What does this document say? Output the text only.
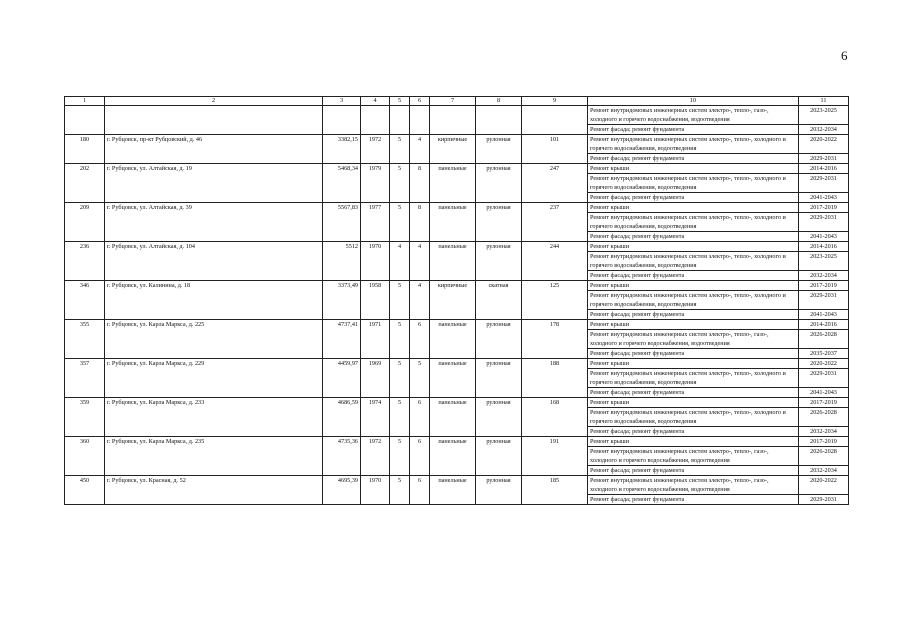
6
1	2	3	4	5	6	7	8	9	10	11
									Ремонт внутридомовых инженерных систем электро-, тепло-, газо-, холодного и горячего водоснабжения, водоотведения	2023-2025
									Ремонт фасада; ремонт фундамента	2032-2034
180	г. Рубцовск, пр-кт Рубцовский, д. 46	3382,15	1972	5	4	кирпичные	рулонная	101	Ремонт внутридомовых инженерных систем электро-, тепло-, холодного и горячего водоснабжения, водоотведения	2020-2022
									Ремонт фасада; ремонт фундамента	2029-2031
202	г. Рубцовск, ул. Алтайская, д. 19	5468,34	1979	5	8	панельные	рулонная	247	Ремонт крыши	2014-2016
									Ремонт внутридомовых инженерных систем электро-, тепло-, холодного и горячего водоснабжения, водоотведения	2029-2031
									Ремонт фасада; ремонт фундамента	2041-2043
209	г. Рубцовск, ул. Алтайская, д. 39	5567,83	1977	5	8	панельные	рулонная	237	Ремонт крыши	2017-2019
									Ремонт внутридомовых инженерных систем электро-, тепло-, холодного и горячего водоснабжения, водоотведения	2029-2031
									Ремонт фасада; ремонт фундамента	2041-2043
236	г. Рубцовск, ул. Алтайская, д. 104	5512	1970	4	4	панельные	рулонная	244	Ремонт крыши	2014-2016
									Ремонт внутридомовых инженерных систем электро-, тепло-, холодного и горячего водоснабжения, водоотведения	2023-2025
									Ремонт фасада; ремонт фундамента	2032-2034
346	г. Рубцовск, ул. Калинина, д. 18	3373,49	1958	5	4	кирпичные	скатная	125	Ремонт крыши	2017-2019
									Ремонт внутридомовых инженерных систем электро-, тепло-, холодного и горячего водоснабжения, водоотведения	2029-2031
									Ремонт фасада; ремонт фундамента	2041-2043
355	г. Рубцовск, ул. Карла Маркса, д. 225	4737,41	1971	5	6	панельные	рулонная	178	Ремонт крыши	2014-2016
									Ремонт внутридомовых инженерных систем электро-, тепло-, газо-, холодного и горячего водоснабжения, водоотведения	2026-2028
									Ремонт фасада; ремонт фундамента	2035-2037
357	г. Рубцовск, ул. Карла Маркса, д. 229	4459,97	1969	5	5	панельные	рулонная	188	Ремонт крыши	2020-2022
									Ремонт внутридомовых инженерных систем электро-, тепло-, холодного и горячего водоснабжения, водоотведения	2029-2031
									Ремонт фасада; ремонт фундамента	2041-2043
359	г. Рубцовск, ул. Карла Маркса, д. 233	4686,59	1974	5	6	панельные	рулонная	168	Ремонт крыши	2017-2019
									Ремонт внутридомовых инженерных систем электро-, тепло-, холодного и горячего водоснабжения, водоотведения	2026-2028
									Ремонт фасада; ремонт фундамента	2032-2034
360	г. Рубцовск, ул. Карла Маркса, д. 235	4735,36	1972	5	6	панельные	рулонная	191	Ремонт крыши	2017-2019
									Ремонт внутридомовых инженерных систем электро-, тепло-, газо-, холодного и горячего водоснабжения, водоотведения	2026-2028
									Ремонт фасада; ремонт фундамента	2032-2034
450	г. Рубцовск, ул. Красная, д. 52	4695,39	1970	5	6	панельные	рулонная	185	Ремонт внутридомовых инженерных систем электро-, тепло-, газо-, холодного и горячего водоснабжения, водоотведения	2020-2022
									Ремонт фасада; ремонт фундамента	2029-2031
